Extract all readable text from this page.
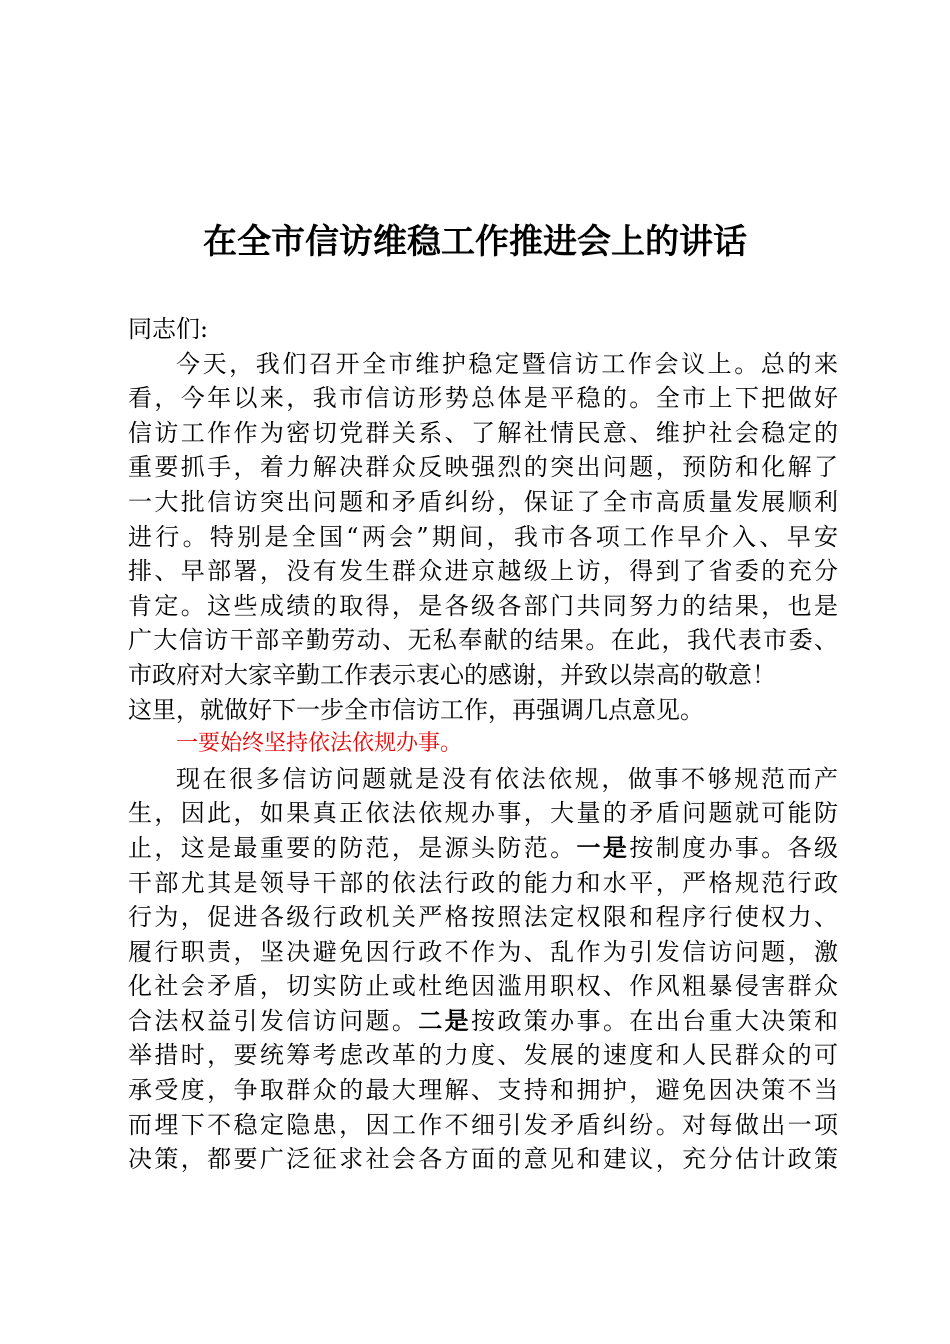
在全市信访维稳工作推进会上的讲话
同志们:
今天，我们召开全市维护稳定暨信访工作会议上。总的来
看，今年以来，我市信访形势总体是平稳的。全市上下把做好
信访工作作为密切党群关系、了解社情民意、维护社会稳定的
重要抓手，着力解决群众反映强烈的突出问题，预防和化解了
一大批信访突出问题和矛盾纠纷，保证了全市高质量发展顺利
进行。特别是全国“两会”期间，我市各项工作早介入、早安
排、早部署，没有发生群众进京越级上访，得到了省委的充分
肯定。这些成绩的取得，是各级各部门共同努力的结果，也是
广大信访干部辛勤劳动、无私奉献的结果。在此，我代表市委、
市政府对大家辛勤工作表示衷心的感谢，并致以崇高的敬意！
这里，就做好下一步全市信访工作，再强调几点意见。
一要始终坚持依法依规办事。
现在很多信访问题就是没有依法依规，做事不够规范而产
生，因此，如果真正依法依规办事，大量的矛盾问题就可能防
止，这是最重要的防范，是源头防范。一是按制度办事。各级
干部尤其是领导干部的依法行政的能力和水平，严格规范行政
行为，促进各级行政机关严格按照法定权限和程序行使权力、
履行职责，坚决避免因行政不作为、乱作为引发信访问题，激
化社会矛盾，切实防止或杜绝因滥用职权、作风粗暴侵害群众
合法权益引发信访问题。二是按政策办事。在出台重大决策和
举措时，要统筹考虑改革的力度、发展的速度和人民群众的可
承受度，争取群众的最大理解、支持和拥护，避免因决策不当
而埋下不稳定隐患，因工作不细引发矛盾纠纷。对每做出一项
决策，都要广泛征求社会各方面的意见和建议，充分估计政策
